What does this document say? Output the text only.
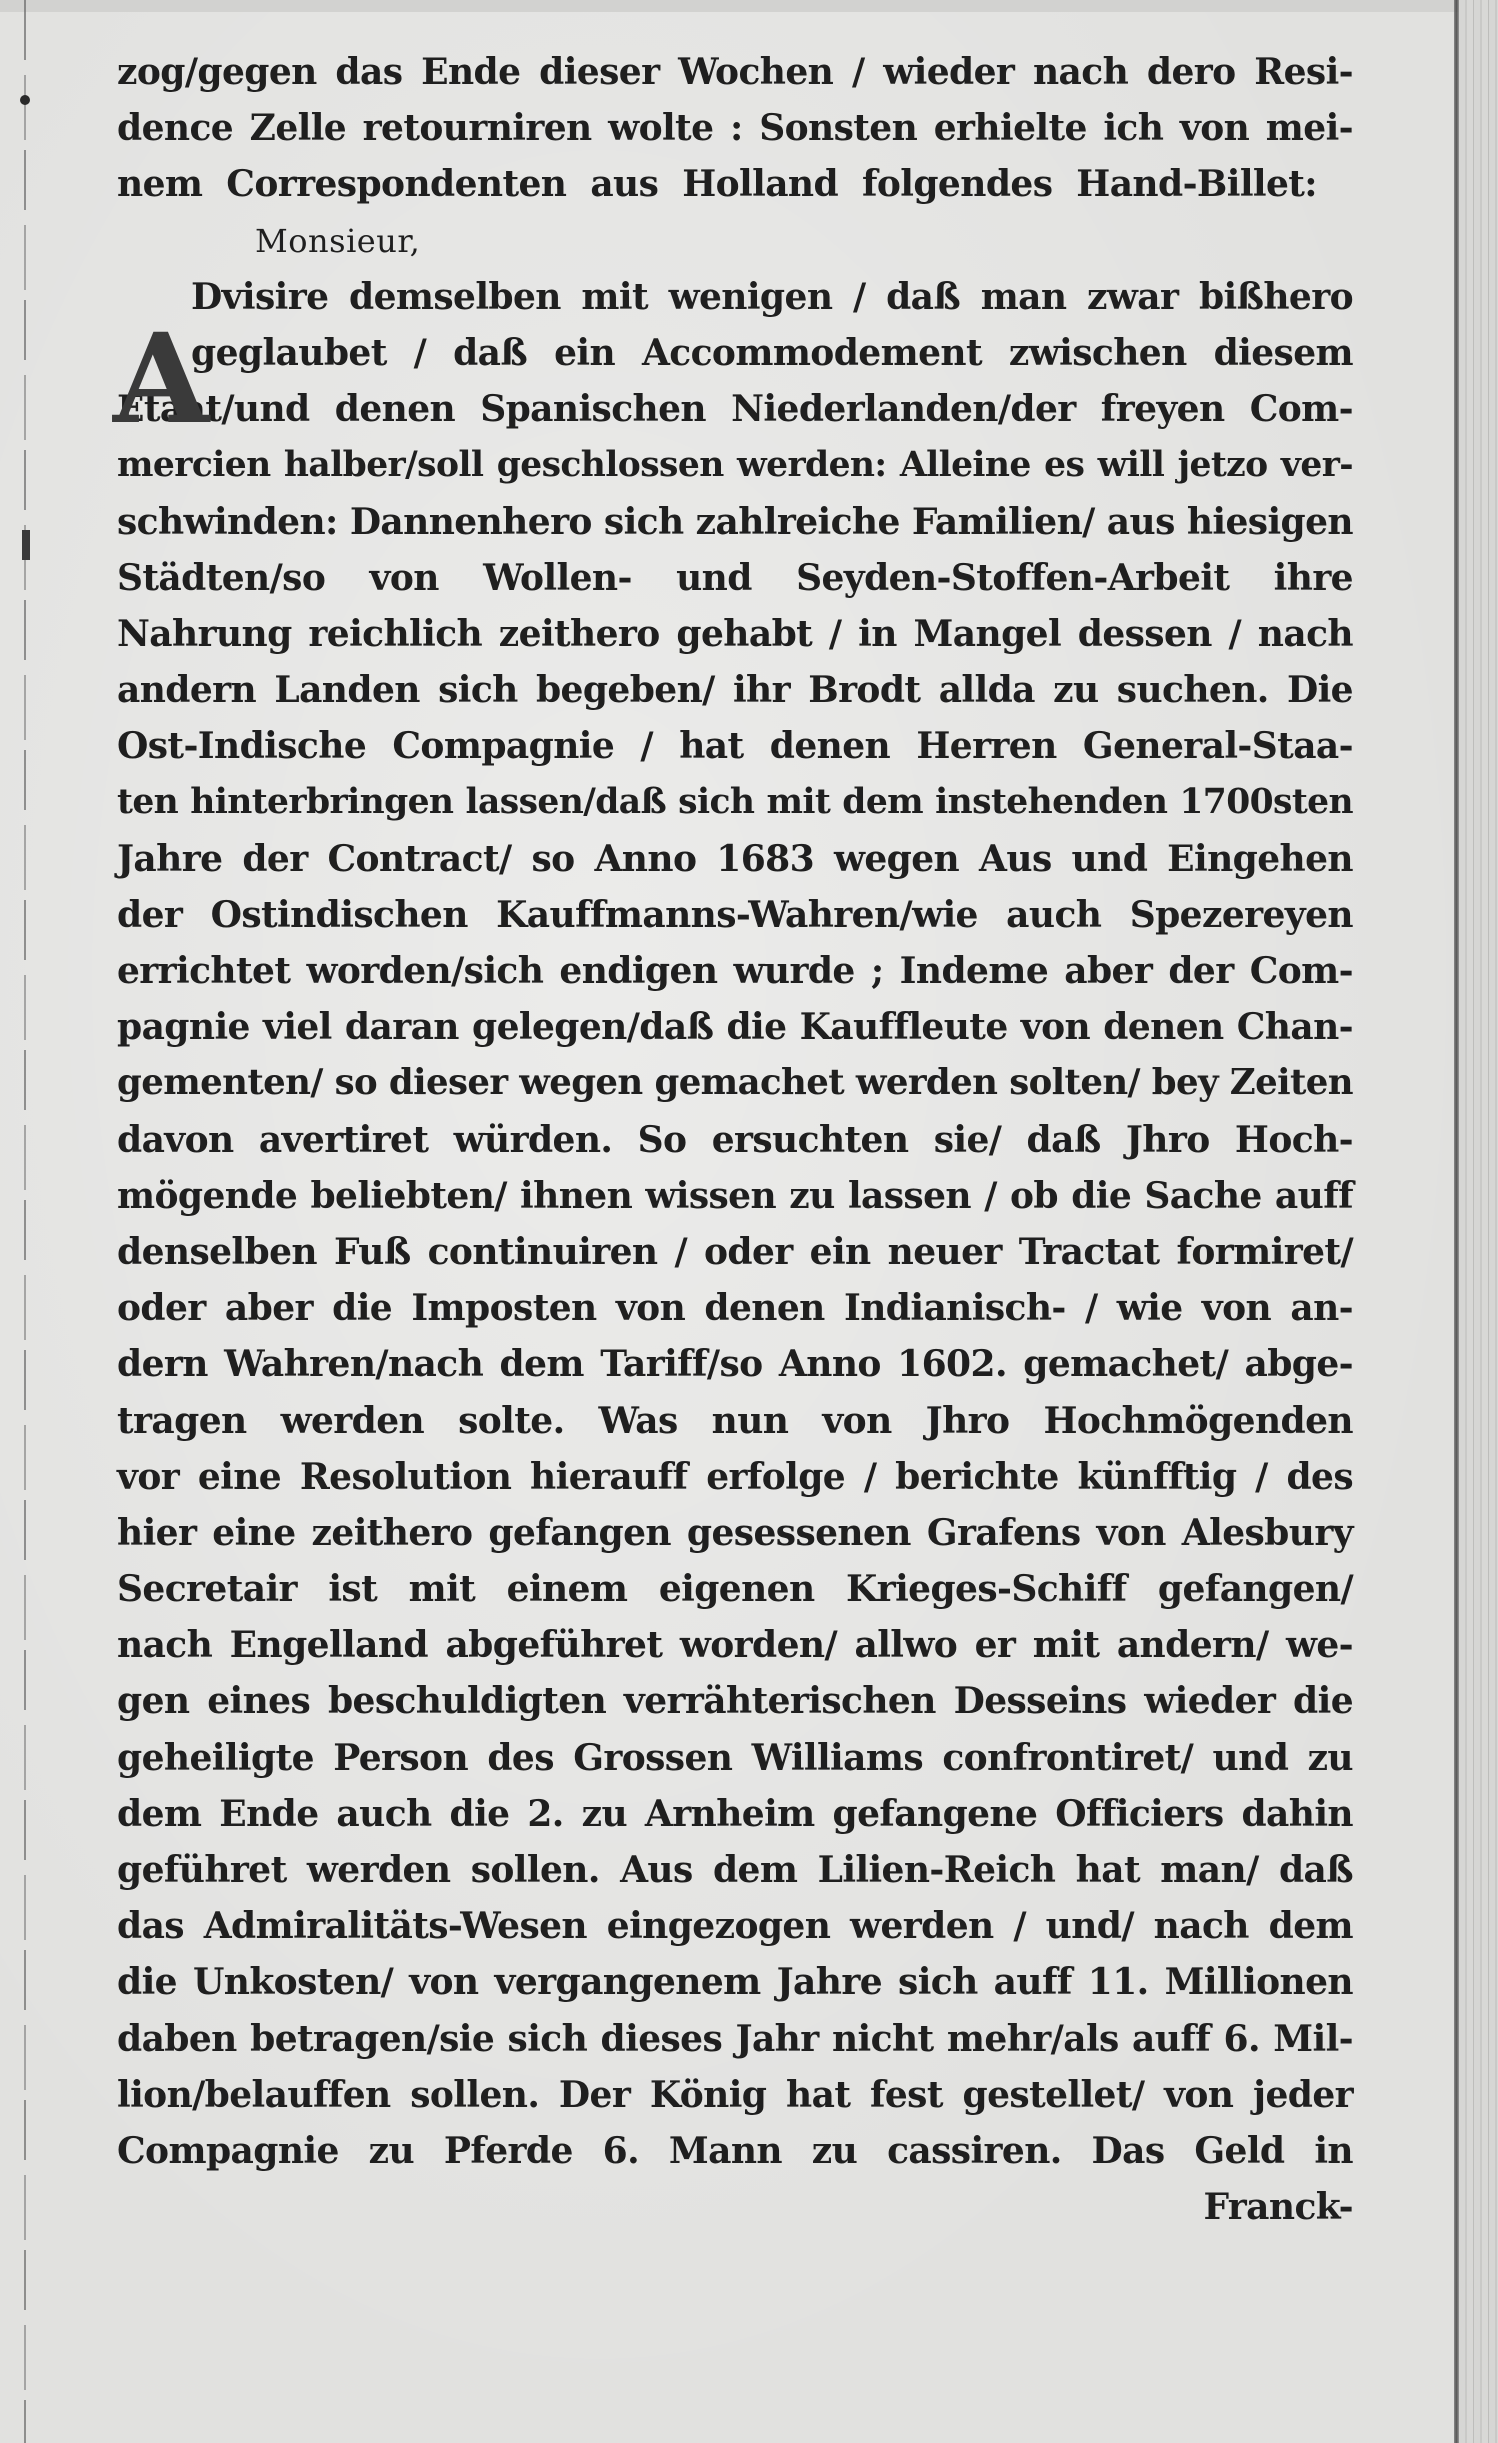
A
zog/gegen das Ende dieser Wochen / wieder nach dero Resi-
dence Zelle retourniren wolte : Sonsten erhielte ich von mei-
nem Correspondenten aus Holland folgendes Hand-Billet:
Monsieur,
Dvisire demselben mit wenigen / daß man zwar bißhero
geglaubet / daß ein Accommodement zwischen diesem
Etaat/und denen Spanischen Niederlanden/der freyen Com-
mercien halber/soll geschlossen werden: Alleine es will jetzo ver-
schwinden: Dannenhero sich zahlreiche Familien/ aus hiesigen
Städten/so von Wollen- und Seyden-Stoffen-Arbeit ihre
Nahrung reichlich zeithero gehabt / in Mangel dessen / nach
andern Landen sich begeben/ ihr Brodt allda zu suchen. Die
Ost-Indische Compagnie / hat denen Herren General-Staa-
ten hinterbringen lassen/daß sich mit dem instehenden 1700sten
Jahre der Contract/ so Anno 1683 wegen Aus und Eingehen
der Ostindischen Kauffmanns-Wahren/wie auch Spezereyen
errichtet worden/sich endigen wurde ; Indeme aber der Com-
pagnie viel daran gelegen/daß die Kauffleute von denen Chan-
gementen/ so dieser wegen gemachet werden solten/ bey Zeiten
davon avertiret würden. So ersuchten sie/ daß Jhro Hoch-
mögende beliebten/ ihnen wissen zu lassen / ob die Sache auff
denselben Fuß continuiren / oder ein neuer Tractat formiret/
oder aber die Imposten von denen Indianisch- / wie von an-
dern Wahren/nach dem Tariff/so Anno 1602. gemachet/ abge-
tragen werden solte. Was nun von Jhro Hochmögenden
vor eine Resolution hierauff erfolge / berichte künfftig / des
hier eine zeithero gefangen gesessenen Grafens von Alesbury
Secretair ist mit einem eigenen Krieges-Schiff gefangen/
nach Engelland abgeführet worden/ allwo er mit andern/ we-
gen eines beschuldigten verrähterischen Desseins wieder die
geheiligte Person des Grossen Williams confrontiret/ und zu
dem Ende auch die 2. zu Arnheim gefangene Officiers dahin
geführet werden sollen. Aus dem Lilien-Reich hat man/ daß
das Admiralitäts-Wesen eingezogen werden / und/ nach dem
die Unkosten/ von vergangenem Jahre sich auff 11. Millionen
daben betragen/sie sich dieses Jahr nicht mehr/als auff 6. Mil-
lion/belauffen sollen. Der König hat fest gestellet/ von jeder
Compagnie zu Pferde 6. Mann zu cassiren. Das Geld in
Franck-
